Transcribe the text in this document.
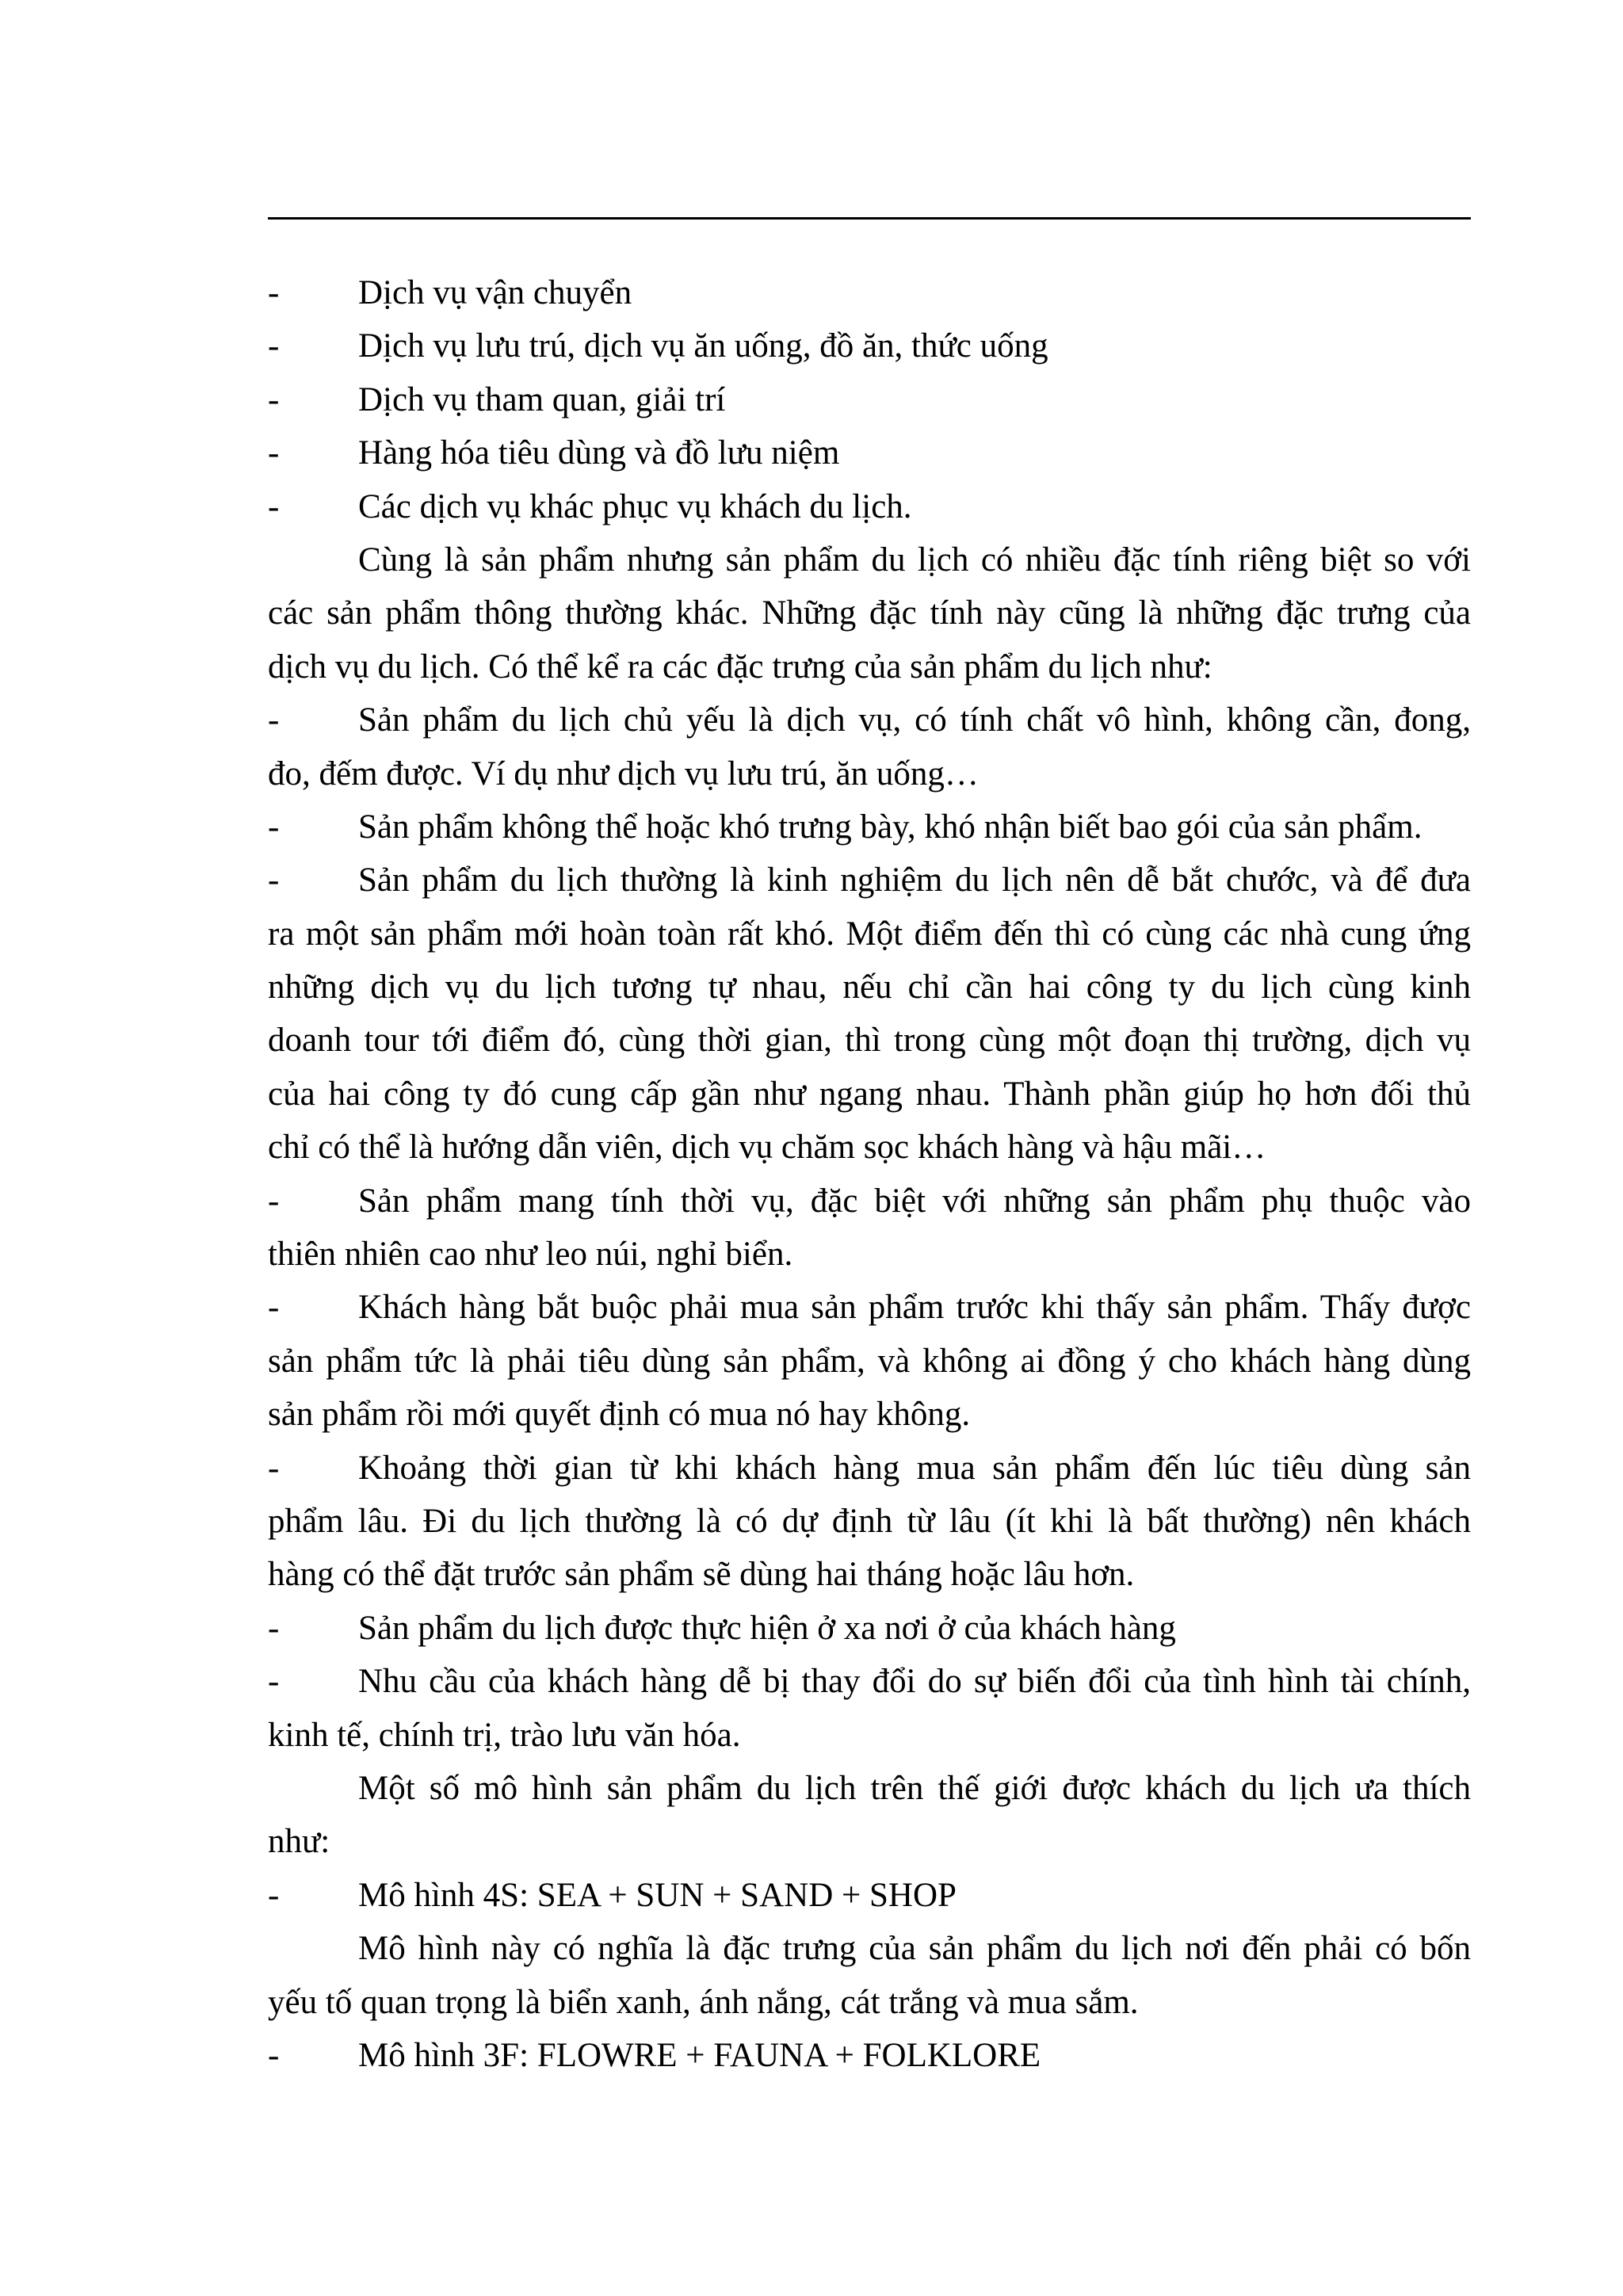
-	Dịch vụ vận chuyển
-	Dịch vụ lưu trú, dịch vụ ăn uống, đồ ăn, thức uống
-	Dịch vụ tham quan, giải trí
-	Hàng hóa tiêu dùng và đồ lưu niệm
-	Các dịch vụ khác phục vụ khách du lịch.
Cùng là sản phẩm nhưng sản phẩm du lịch có nhiều đặc tính riêng biệt so với
các sản phẩm thông thường khác. Những đặc tính này cũng là những đặc trưng của
dịch vụ du lịch. Có thể kể ra các đặc trưng của sản phẩm du lịch như:
-	Sản phẩm du lịch chủ yếu là dịch vụ, có tính chất vô hình, không cần, đong,
đo, đếm được. Ví dụ như dịch vụ lưu trú, ăn uống…
-	Sản phẩm không thể hoặc khó trưng bày, khó nhận biết bao gói của sản phẩm.
-	Sản phẩm du lịch thường là kinh nghiệm du lịch nên dễ bắt chước, và để đưa
ra một sản phẩm mới hoàn toàn rất khó. Một điểm đến thì có cùng các nhà cung ứng
những dịch vụ du lịch tương tự nhau, nếu chỉ cần hai công ty du lịch cùng kinh
doanh tour tới điểm đó, cùng thời gian, thì trong cùng một đoạn thị trường, dịch vụ
của hai công ty đó cung cấp gần như ngang nhau. Thành phần giúp họ hơn đối thủ
chỉ có thể là hướng dẫn viên, dịch vụ chăm sọc khách hàng và hậu mãi…
-	Sản phẩm mang tính thời vụ, đặc biệt với những sản phẩm phụ thuộc vào
thiên nhiên cao như leo núi, nghỉ biển.
-	Khách hàng bắt buộc phải mua sản phẩm trước khi thấy sản phẩm. Thấy được
sản phẩm tức là phải tiêu dùng sản phẩm, và không ai đồng ý cho khách hàng dùng
sản phẩm rồi mới quyết định có mua nó hay không.
-	Khoảng thời gian từ khi khách hàng mua sản phẩm đến lúc tiêu dùng sản
phẩm lâu. Đi du lịch thường là có dự định từ lâu (ít khi là bất thường) nên khách
hàng có thể đặt trước sản phẩm sẽ dùng hai tháng hoặc lâu hơn.
-	Sản phẩm du lịch được thực hiện ở xa nơi ở của khách hàng
-	Nhu cầu của khách hàng dễ bị thay đổi do sự biến đổi của tình hình tài chính,
kinh tế, chính trị, trào lưu văn hóa.
Một số mô hình sản phẩm du lịch trên thế giới được khách du lịch ưa thích
như:
-	Mô hình 4S: SEA + SUN + SAND + SHOP
Mô hình này có nghĩa là đặc trưng của sản phẩm du lịch nơi đến phải có bốn
yếu tố quan trọng là biển xanh, ánh nắng, cát trắng và mua sắm.
-	Mô hình 3F: FLOWRE + FAUNA + FOLKLORE
